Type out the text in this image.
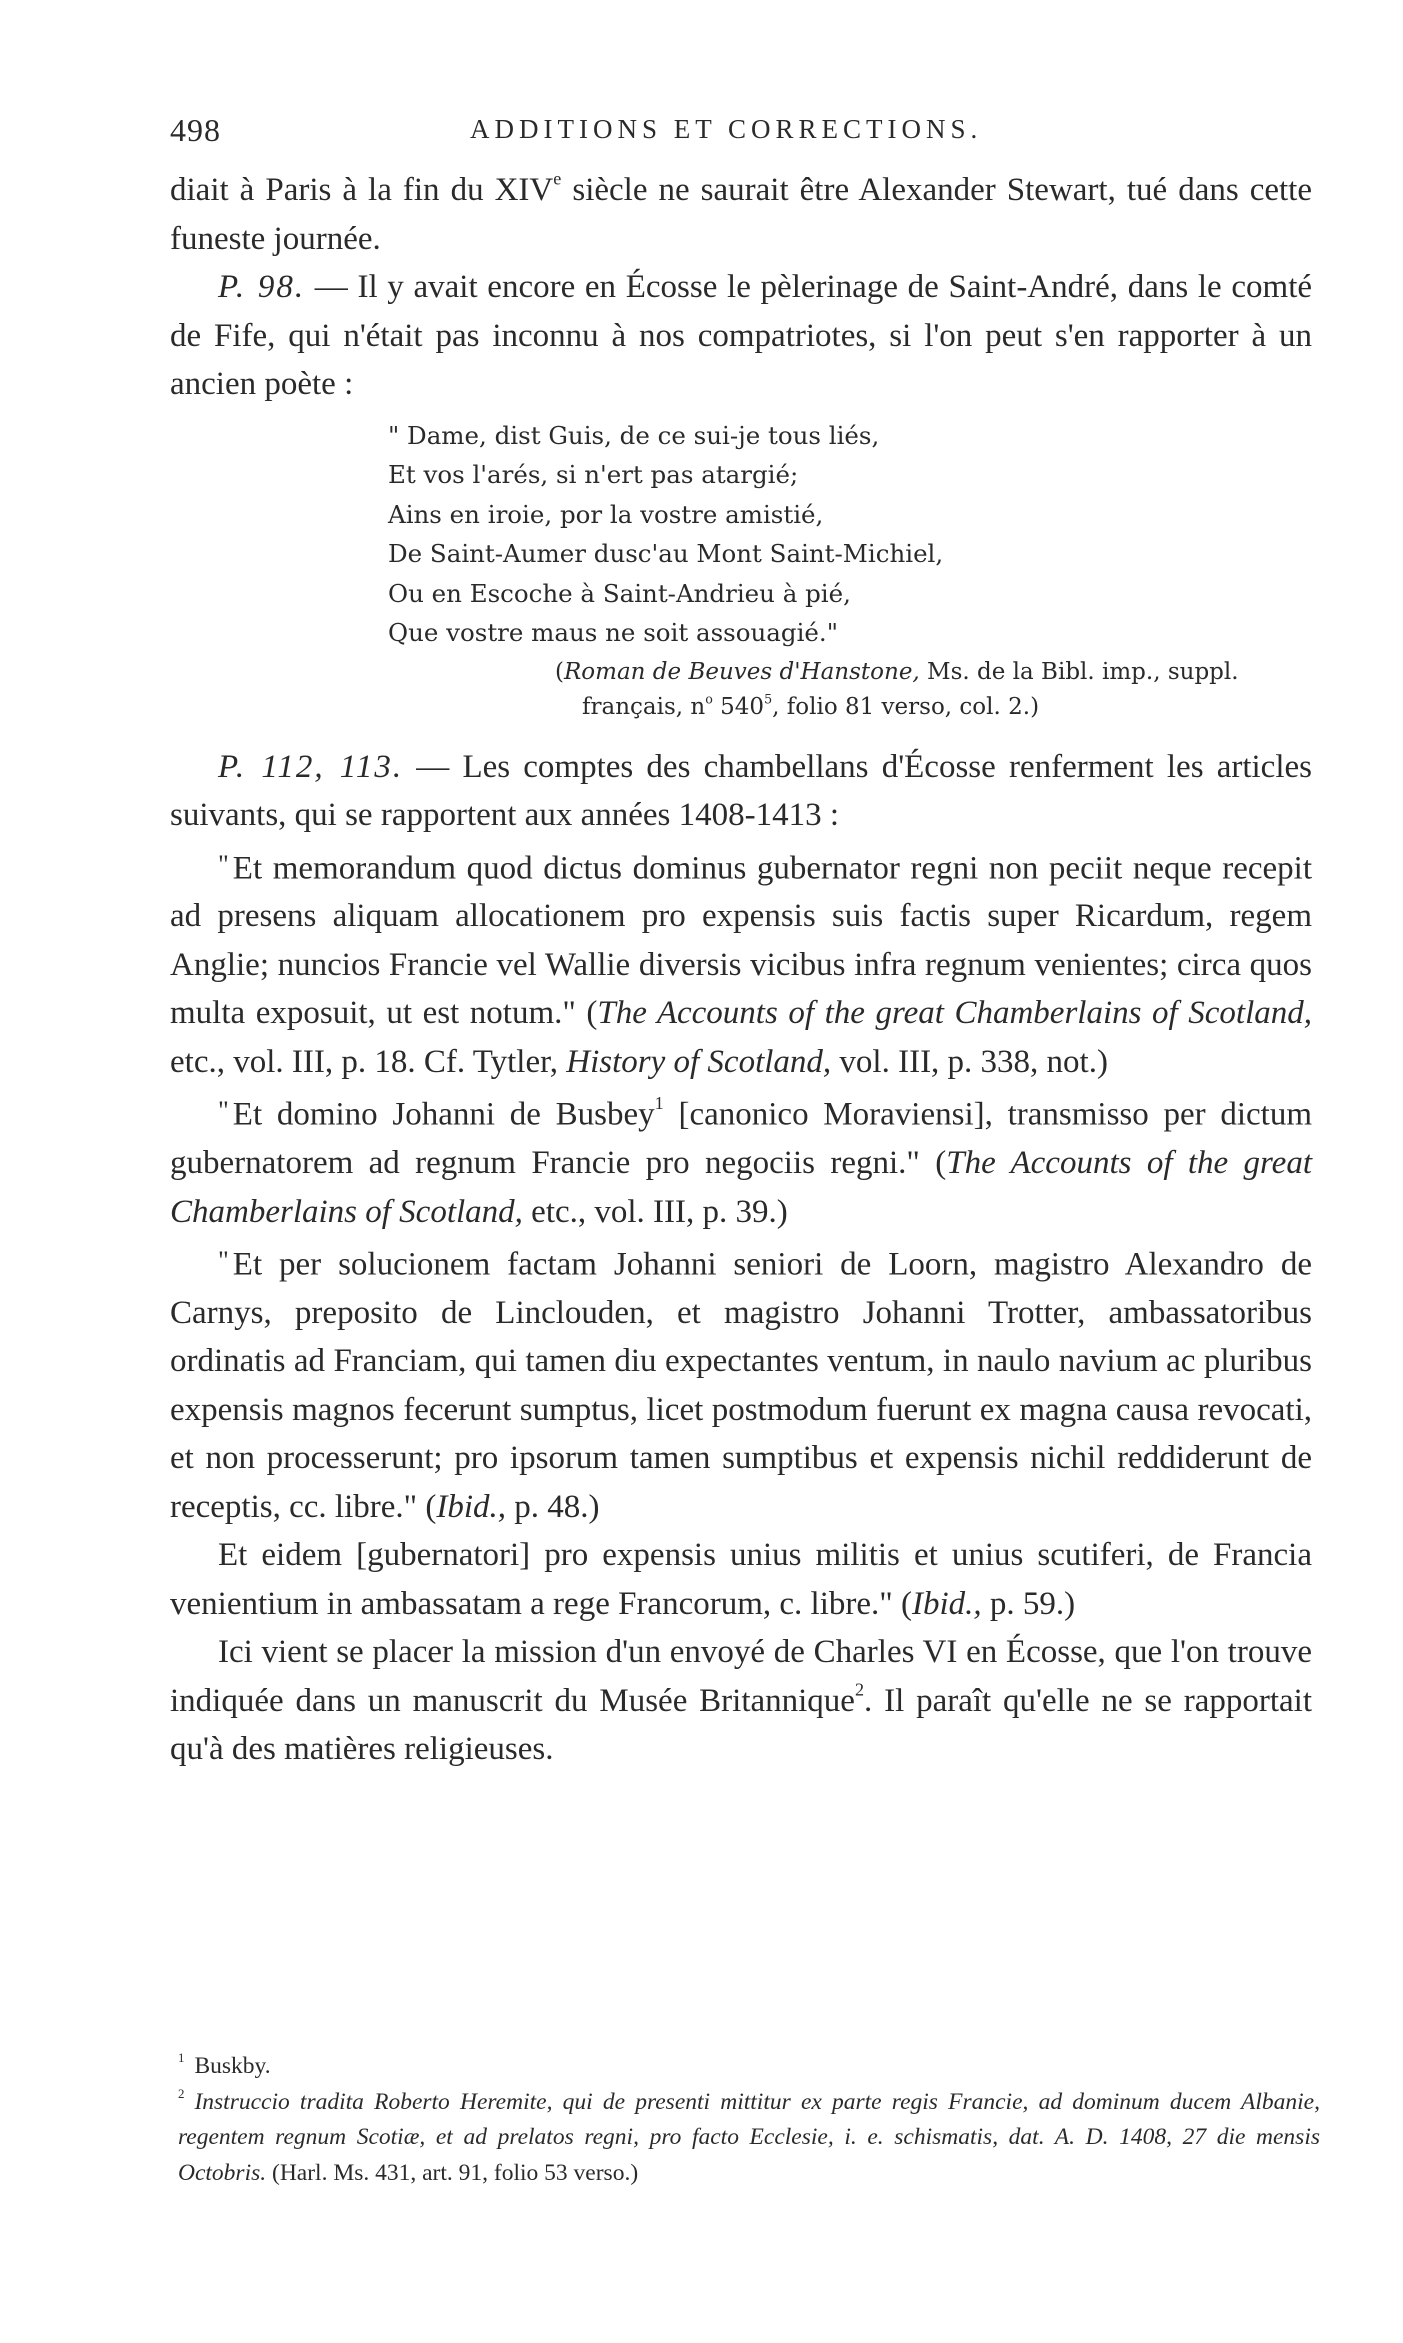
498	ADDITIONS ET CORRECTIONS.

diait à Paris à la fin du XIVe siècle ne saurait être Alexander Stewart, tué dans cette funeste journée.

P. 98. — Il y avait encore en Écosse le pèlerinage de Saint-André, dans le comté de Fife, qui n'était pas inconnu à nos compatriotes, si l'on peut s'en rapporter à un ancien poète :

" Dame, dist Guis, de ce sui-je tous liés,
Et vos l'arés, si n'ert pas atargié;
Ains en iroie, por la vostre amistié,
De Saint-Aumer dusc'au Mont Saint-Michiel,
Ou en Escoche à Saint-Andrieu à pié,
Que vostre maus ne soit assouagié."
(Roman de Beuves d'Hanstone, Ms. de la Bibl. imp., suppl.
français, $n^o$ $540^5$, folio 81 verso, col. 2.)

P. 112, 113. — Les comptes des chambellans d'Écosse renferment les articles suivants, qui se rapportent aux années 1408-1413 :

" Et memorandum quod dictus dominus gubernator regni non peciit neque recepit ad presens aliquam allocationem pro expensis suis factis super Ricardum, regem Anglie; nuncios Francie vel Wallie diversis vicibus infra regnum venientes; circa quos multa exposuit, ut est notum." (The Accounts of the great Chamberlains of Scotland, etc., vol. III, p. 18. Cf. Tytler, History of Scotland, vol. III, p. 338, not.)

" Et domino Johanni de Busbey$^1$ [canonico Moraviensi], transmisso per dictum gubernatorem ad regnum Francie pro negociis regni." (The Accounts of the great Chamberlains of Scotland, etc., vol. III, p. 39.)

" Et per solucionem factam Johanni seniori de Loorn, magistro Alexandro de Carnys, preposito de Linclouden, et magistro Johanni Trotter, ambassatoribus ordinatis ad Franciam, qui tamen diu expectantes ventum, in naulo navium ac pluribus expensis magnos fecerunt sumptus, licet postmodum fuerunt ex magna causa revocati, et non processerunt; pro ipsorum tamen sumptibus et expensis nichil reddiderunt de receptis, cc. libre." (Ibid., p. 48.)

Et eidem [gubernatori] pro expensis unius militis et unius scutiferi, de Francia venientium in ambassatam a rege Francorum, c. libre." (Ibid., p. 59.)

Ici vient se placer la mission d'un envoyé de Charles VI en Écosse, que l'on trouve indiquée dans un manuscrit du Musée Britannique$^2$. Il paraît qu'elle ne se rapportait qu'à des matières religieuses.

$^1$ Buskby.

$^2$ Instruccio tradita Roberto Heremite, qui de presenti mittitur ex parte regis Francie, ad dominum ducem Albanie, regentem regnum Scotiæ, et ad prelatos regni, pro facto Ecclesie, i. e. schismatis, dat. A. D. 1408, 27 die mensis Octobris. (Harl. Ms. 431, art. 91, folio 53 verso.)
